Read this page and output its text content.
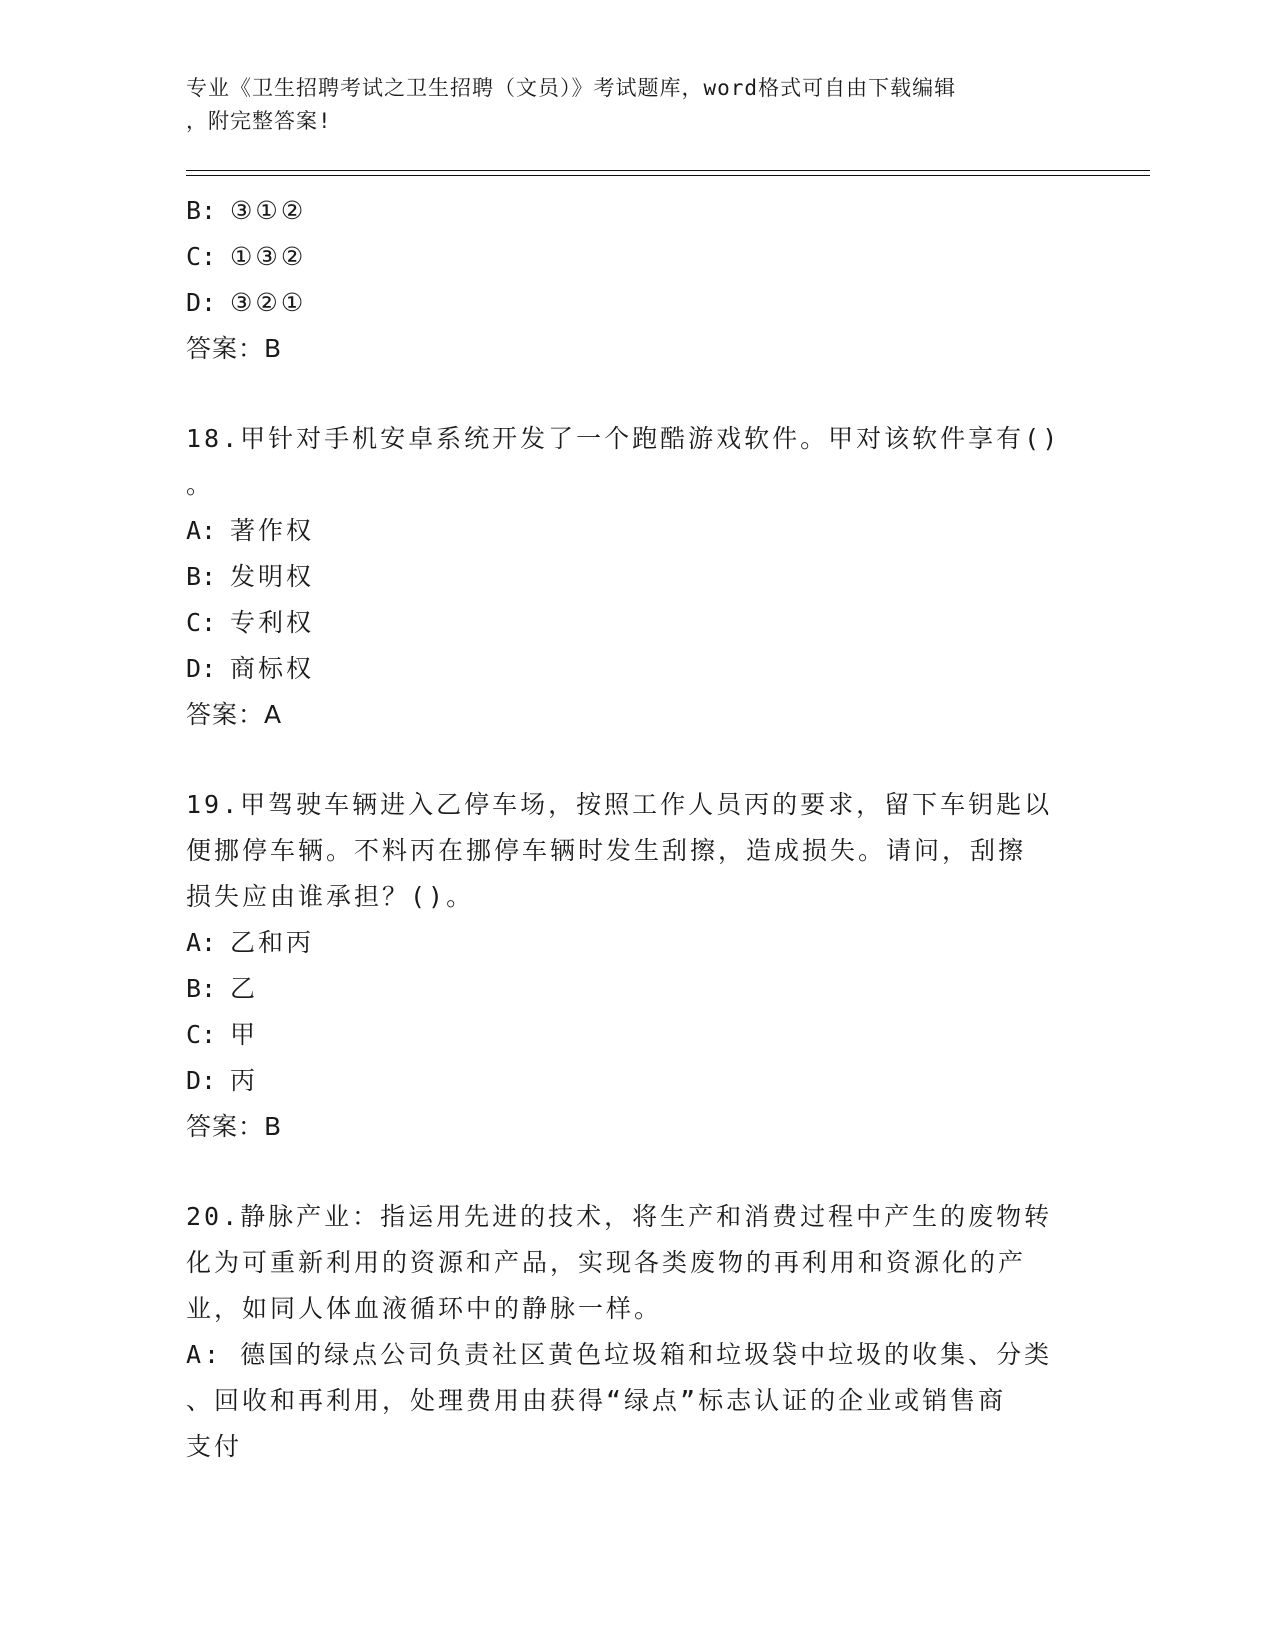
专业《卫生招聘考试之卫生招聘（文员）》考试题库，word格式可自由下载编辑
，附完整答案!

B: ③①②

C: ①③②

D: ③②①

答案：B

18.甲针对手机安卓系统开发了一个跑酷游戏软件。甲对该软件享有()

。

A: 著作权

B: 发明权

C: 专利权

D: 商标权

答案：A

19.甲驾驶车辆进入乙停车场，按照工作人员丙的要求，留下车钥匙以

便挪停车辆。不料丙在挪停车辆时发生刮擦，造成损失。请问，刮擦

损失应由谁承担？()。

A: 乙和丙

B: 乙

C: 甲

D: 丙

答案：B

20.静脉产业：指运用先进的技术，将生产和消费过程中产生的废物转

化为可重新利用的资源和产品，实现各类废物的再利用和资源化的产

业，如同人体血液循环中的静脉一样。

A: 德国的绿点公司负责社区黄色垃圾箱和垃圾袋中垃圾的收集、分类

、回收和再利用，处理费用由获得“绿点”标志认证的企业或销售商

支付
